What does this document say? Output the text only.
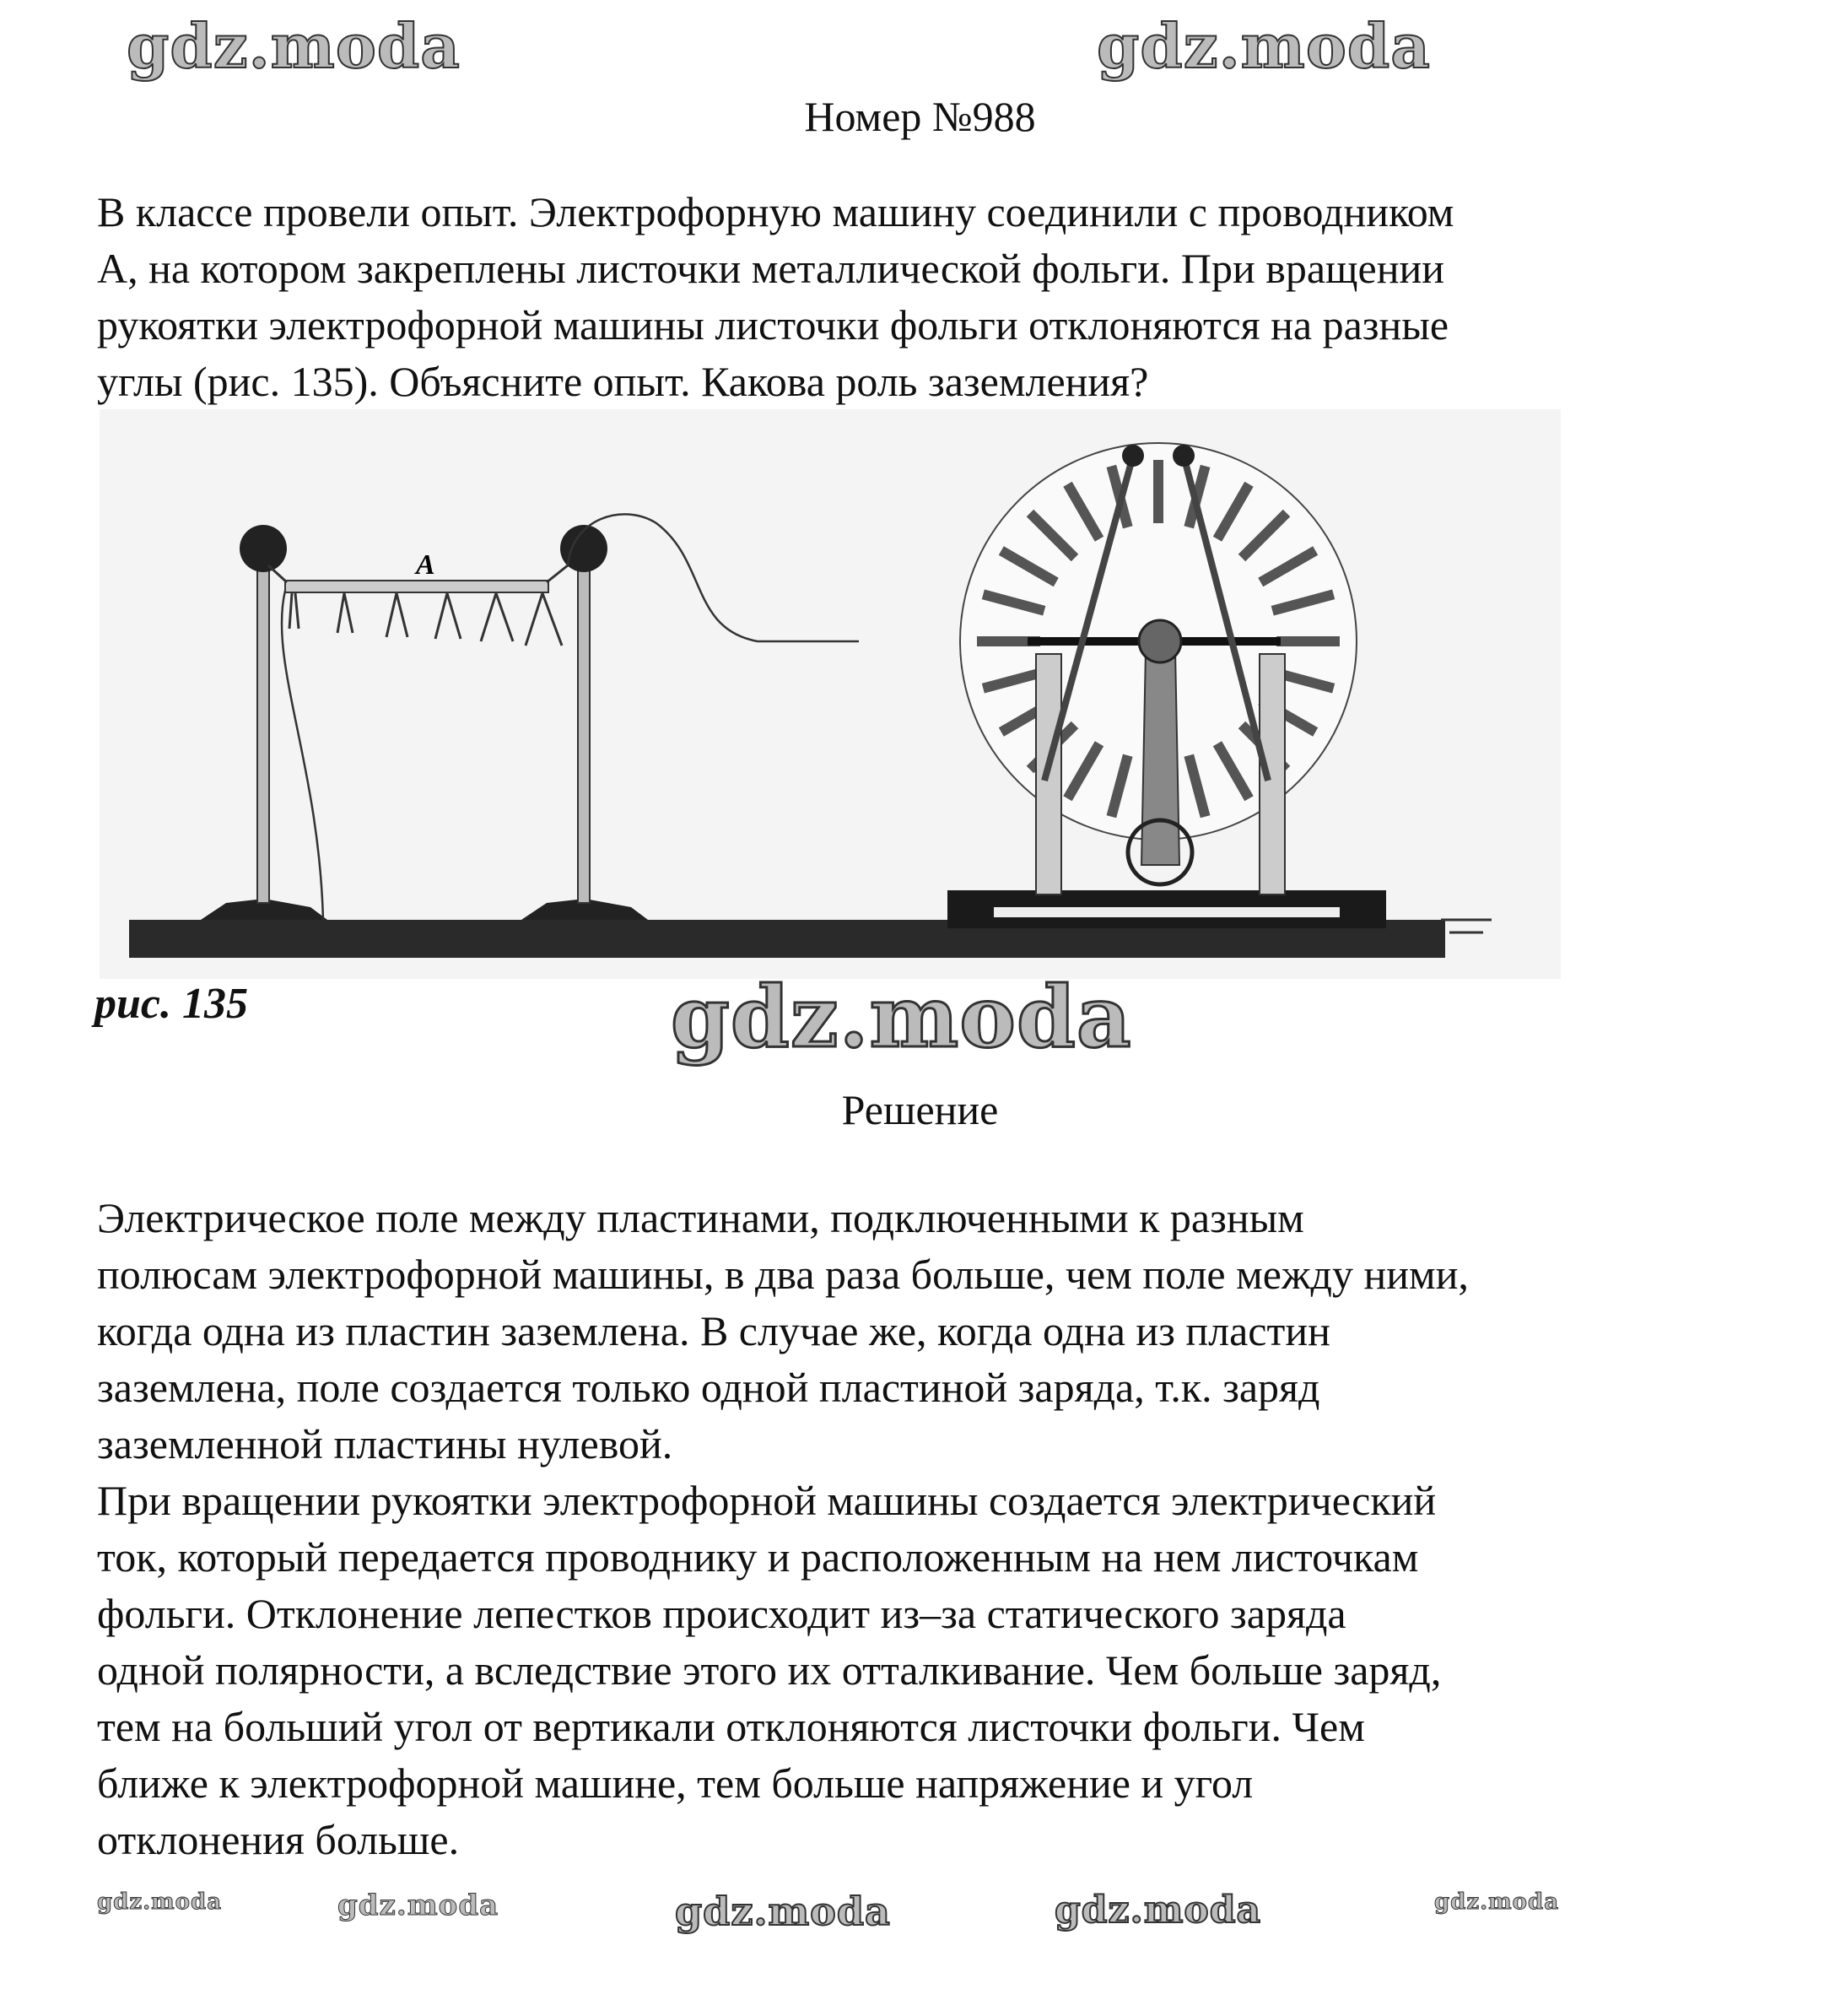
Номер №988
В классе провели опыт. Электрофорную машину соединили с проводником
А, на котором закреплены листочки металлической фольги. При вращении
рукоятки электрофорной машины листочки фольги отклоняются на разные
углы (рис. 135). Объясните опыт. Какова роль заземления?
A
рис. 135
Решение
Электрическое поле между пластинами, подключенными к разным
полюсам электрофорной машины, в два раза больше, чем поле между ними,
когда одна из пластин заземлена. В случае же, когда одна из пластин
заземлена, поле создается только одной пластиной заряда, т.к. заряд
заземленной пластины нулевой.
При вращении рукоятки электрофорной машины создается электрический
ток, который передается проводнику и расположенным на нем листочкам
фольги. Отклонение лепестков происходит из–за статического заряда
одной полярности, а вследствие этого их отталкивание. Чем больше заряд,
тем на больший угол от вертикали отклоняются листочки фольги. Чем
ближе к электрофорной машине, тем больше напряжение и угол
отклонения больше.
gdz.moda	gdz.moda
gdz.moda
gdz.moda	gdz.moda	gdz.moda
gdz.moda	gdz.moda
